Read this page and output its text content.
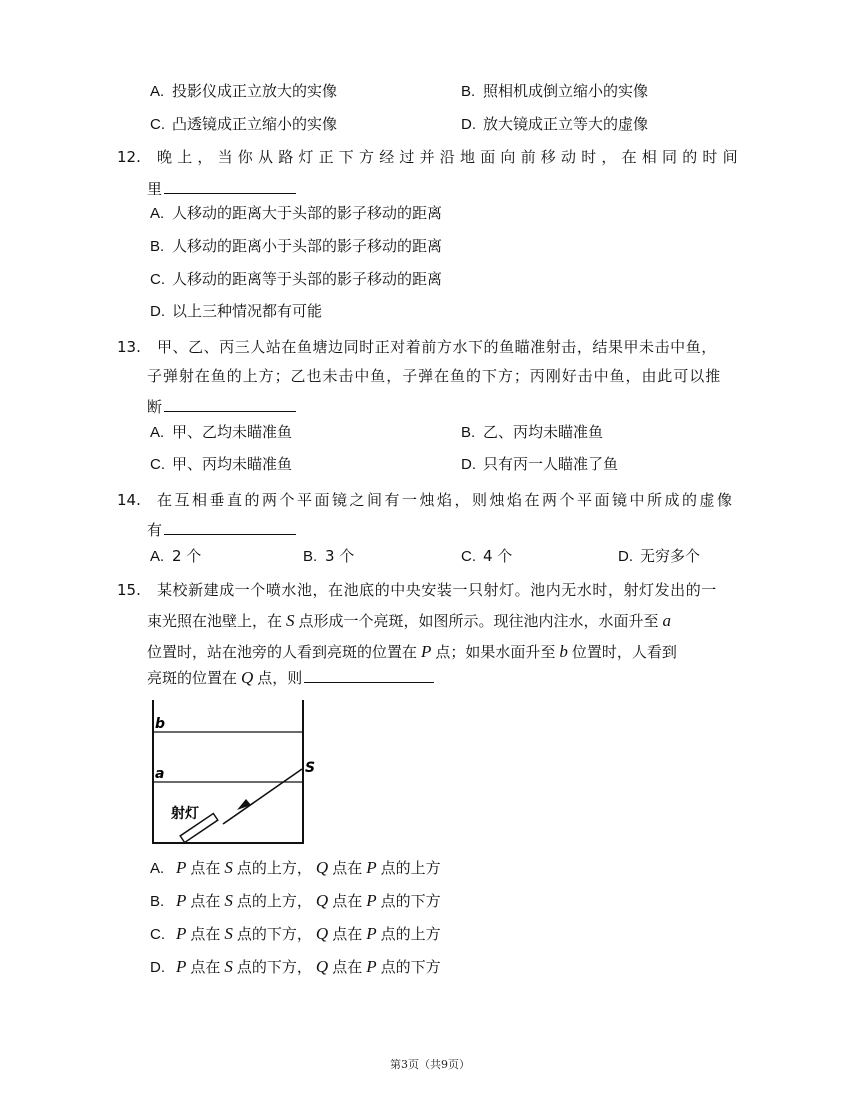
A. 投影仪成正立放大的实像	B. 照相机成倒立缩小的实像
C. 凸透镜成正立缩小的实像	D. 放大镜成正立等大的虚像
12. 晚上，当你从路灯正下方经过并沿地面向前移动时，在相同的时间
里
A. 人移动的距离大于头部的影子移动的距离
B. 人移动的距离小于头部的影子移动的距离
C. 人移动的距离等于头部的影子移动的距离
D. 以上三种情况都有可能
13. 甲、乙、丙三人站在鱼塘边同时正对着前方水下的鱼瞄准射击，结果甲未击中鱼，
子弹射在鱼的上方；乙也未击中鱼，子弹在鱼的下方；丙刚好击中鱼，由此可以推
断
A. 甲、乙均未瞄准鱼	B. 乙、丙均未瞄准鱼
C. 甲、丙均未瞄准鱼	D. 只有丙一人瞄准了鱼
14. 在互相垂直的两个平面镜之间有一烛焰，则烛焰在两个平面镜中所成的虚像
有
A. 2 个	B. 3 个	C. 4 个	D. 无穷多个
15. 某校新建成一个喷水池，在池底的中央安装一只射灯。池内无水时，射灯发出的一
束光照在池壁上，在 S 点形成一个亮斑，如图所示。现往池内注水，水面升至 a
位置时，站在池旁的人看到亮斑的位置在 P 点；如果水面升至 b 位置时，人看到
亮斑的位置在 Q 点，则
b
a	S
射灯
A. P 点在 S 点的上方， Q 点在 P 点的上方
B. P 点在 S 点的上方， Q 点在 P 点的下方
C. P 点在 S 点的下方， Q 点在 P 点的上方
D. P 点在 S 点的下方， Q 点在 P 点的下方
第3页（共9页）
